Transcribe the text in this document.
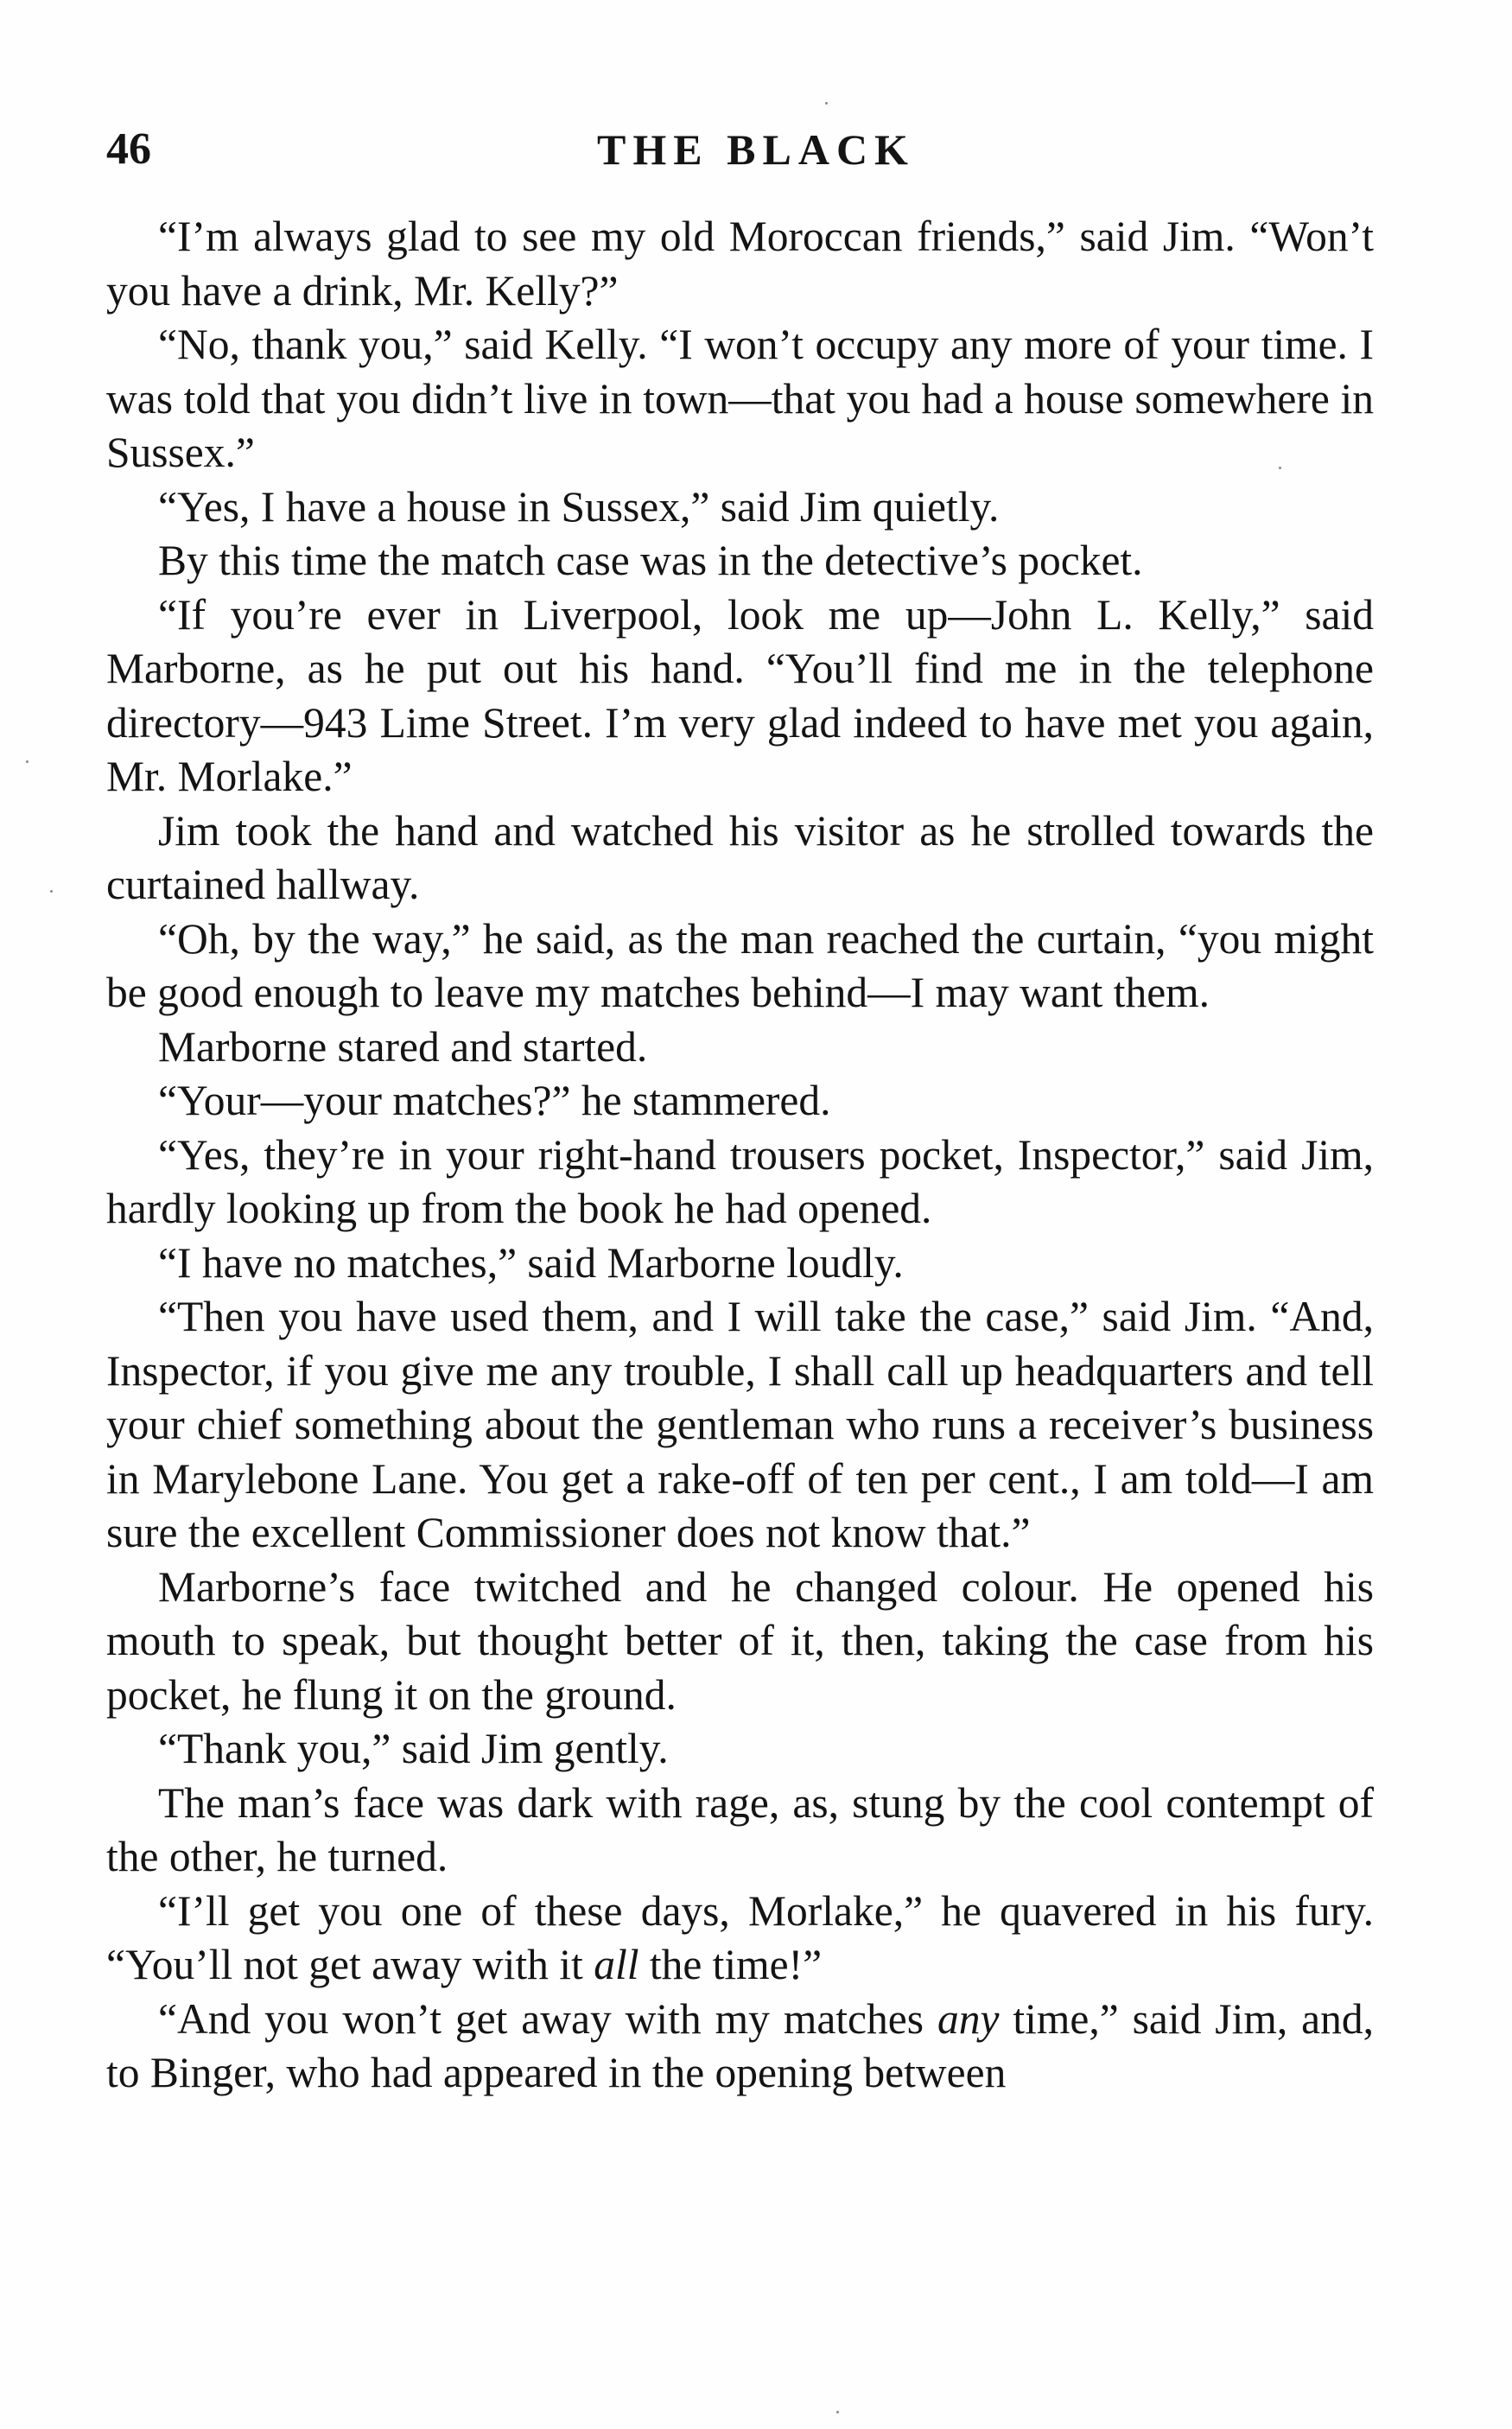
46	THE BLACK

“I’m always glad to see my old Moroccan friends,” said Jim. “Won’t you have a drink, Mr. Kelly?”

“No, thank you,” said Kelly. “I won’t occupy any more of your time. I was told that you didn’t live in town—that you had a house somewhere in Sussex.”

“Yes, I have a house in Sussex,” said Jim quietly.

By this time the match case was in the detective’s pocket.

“If you’re ever in Liverpool, look me up—John L. Kelly,” said Marborne, as he put out his hand. “You’ll find me in the telephone directory—943 Lime Street. I’m very glad indeed to have met you again, Mr. Morlake.”

Jim took the hand and watched his visitor as he strolled towards the curtained hallway.

“Oh, by the way,” he said, as the man reached the curtain, “you might be good enough to leave my matches behind—I may want them.

Marborne stared and started.

“Your—your matches?” he stammered.

“Yes, they’re in your right-hand trousers pocket, Inspector,” said Jim, hardly looking up from the book he had opened.

“I have no matches,” said Marborne loudly.

“Then you have used them, and I will take the case,” said Jim. “And, Inspector, if you give me any trouble, I shall call up headquarters and tell your chief something about the gentleman who runs a receiver’s business in Marylebone Lane. You get a rake-off of ten per cent., I am told—I am sure the excellent Commissioner does not know that.”

Marborne’s face twitched and he changed colour. He opened his mouth to speak, but thought better of it, then, taking the case from his pocket, he flung it on the ground.

“Thank you,” said Jim gently.

The man’s face was dark with rage, as, stung by the cool contempt of the other, he turned.

“I’ll get you one of these days, Morlake,” he quavered in his fury. “You’ll not get away with it all the time!”

“And you won’t get away with my matches any time,” said Jim, and, to Binger, who had appeared in the opening between
